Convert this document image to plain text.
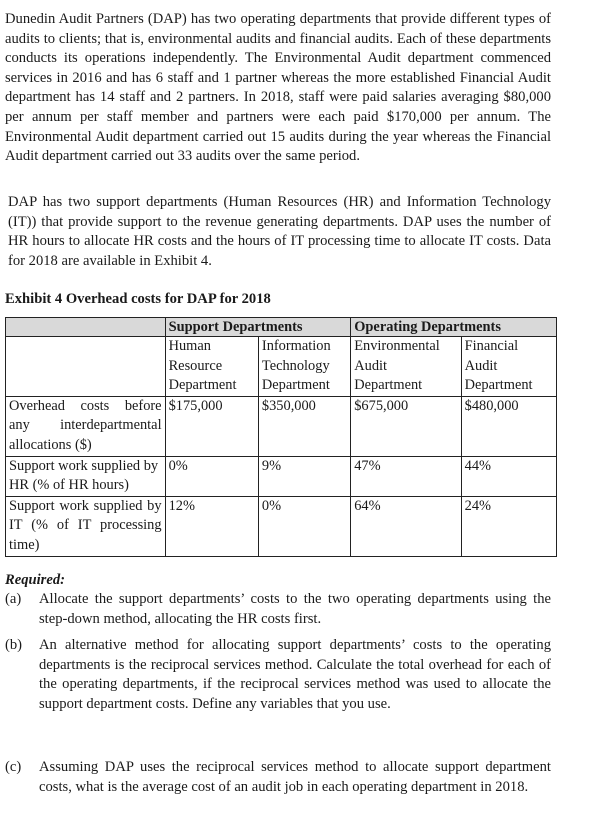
Dunedin Audit Partners (DAP) has two operating departments that provide different types of audits to clients; that is, environmental audits and financial audits. Each of these departments conducts its operations independently. The Environmental Audit department commenced services in 2016 and has 6 staff and 1 partner whereas the more established Financial Audit department has 14 staff and 2 partners. In 2018, staff were paid salaries averaging $80,000 per annum per staff member and partners were each paid $170,000 per annum. The Environmental Audit department carried out 15 audits during the year whereas the Financial Audit department carried out 33 audits over the same period.

DAP has two support departments (Human Resources (HR) and Information Technology (IT)) that provide support to the revenue generating departments. DAP uses the number of HR hours to allocate HR costs and the hours of IT processing time to allocate IT costs. Data for 2018 are available in Exhibit 4.

Exhibit 4 Overhead costs for DAP for 2018

	Support Departments		Operating Departments	
	Human Resource Department	Information Technology Department	Environmental Audit Department	Financial Audit Department
Overhead costs before any interdepartmental allocations ($)	$175,000	$350,000	$675,000	$480,000
Support work supplied by HR (% of HR hours)	0%	9%	47%	44%
Support work supplied by IT (% of IT processing time)	12%	0%	64%	24%

Required:

(a) Allocate the support departments’ costs to the two operating departments using the step-down method, allocating the HR costs first.
(b) An alternative method for allocating support departments’ costs to the operating departments is the reciprocal services method. Calculate the total overhead for each of the operating departments, if the reciprocal services method was used to allocate the support department costs. Define any variables that you use.
(c) Assuming DAP uses the reciprocal services method to allocate support department costs, what is the average cost of an audit job in each operating department in 2018.
